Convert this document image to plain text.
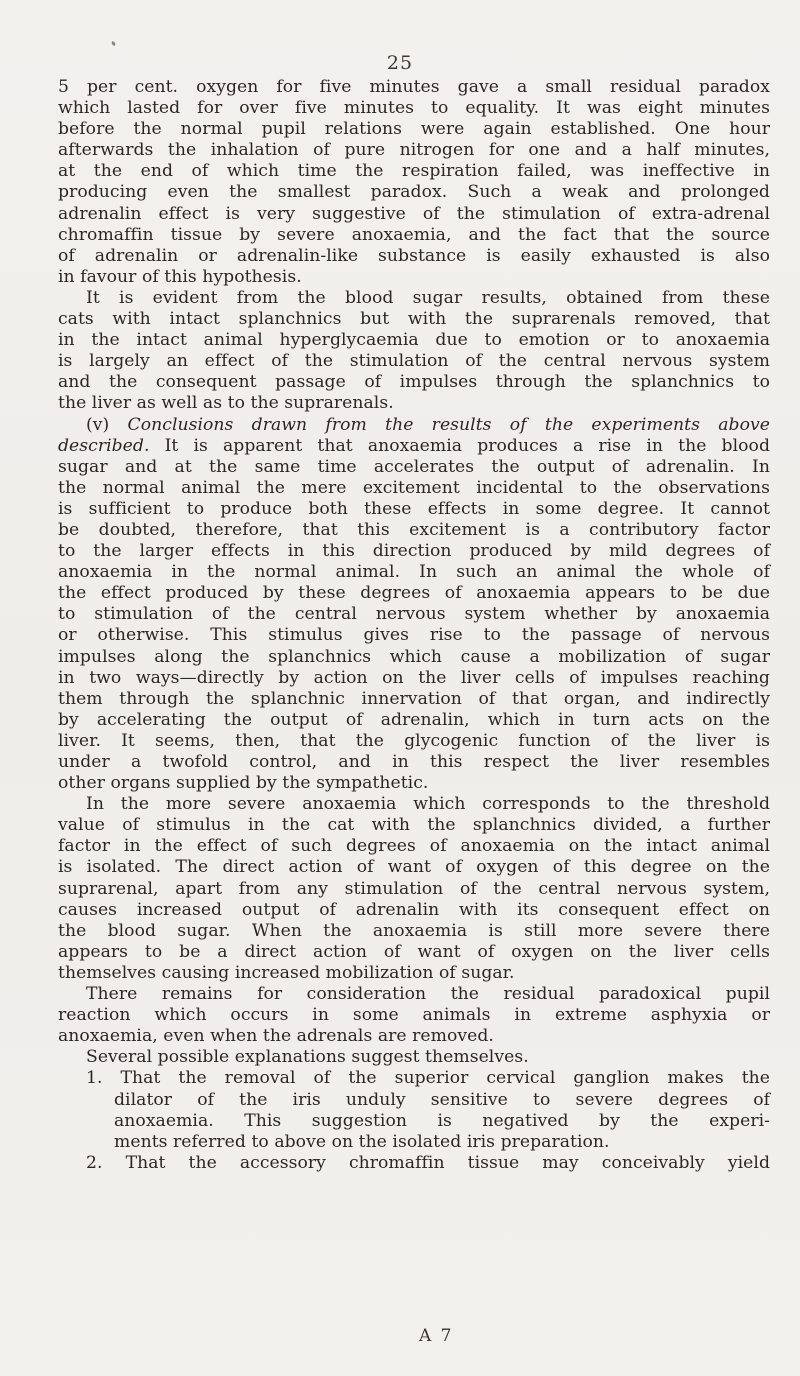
25

5 per cent. oxygen for five minutes gave a small residual paradox

which lasted for over five minutes to equality. It was eight minutes

before the normal pupil relations were again established. One hour

afterwards the inhalation of pure nitrogen for one and a half minutes,

at the end of which time the respiration failed, was ineffective in

producing even the smallest paradox. Such a weak and prolonged

adrenalin effect is very suggestive of the stimulation of extra-adrenal

chromaffin tissue by severe anoxaemia, and the fact that the source

of adrenalin or adrenalin-like substance is easily exhausted is also

in favour of this hypothesis.

It is evident from the blood sugar results, obtained from these

cats with intact splanchnics but with the suprarenals removed, that

in the intact animal hyperglycaemia due to emotion or to anoxaemia

is largely an effect of the stimulation of the central nervous system

and the consequent passage of impulses through the splanchnics to

the liver as well as to the suprarenals.

(v) Conclusions drawn from the results of the experiments above

described. It is apparent that anoxaemia produces a rise in the blood

sugar and at the same time accelerates the output of adrenalin. In

the normal animal the mere excitement incidental to the observations

is sufficient to produce both these effects in some degree. It cannot

be doubted, therefore, that this excitement is a contributory factor

to the larger effects in this direction produced by mild degrees of

anoxaemia in the normal animal. In such an animal the whole of

the effect produced by these degrees of anoxaemia appears to be due

to stimulation of the central nervous system whether by anoxaemia

or otherwise. This stimulus gives rise to the passage of nervous

impulses along the splanchnics which cause a mobilization of sugar

in two ways—directly by action on the liver cells of impulses reaching

them through the splanchnic innervation of that organ, and indirectly

by accelerating the output of adrenalin, which in turn acts on the

liver. It seems, then, that the glycogenic function of the liver is

under a twofold control, and in this respect the liver resembles

other organs supplied by the sympathetic.

In the more severe anoxaemia which corresponds to the threshold

value of stimulus in the cat with the splanchnics divided, a further

factor in the effect of such degrees of anoxaemia on the intact animal

is isolated. The direct action of want of oxygen of this degree on the

suprarenal, apart from any stimulation of the central nervous system,

causes increased output of adrenalin with its consequent effect on

the blood sugar. When the anoxaemia is still more severe there

appears to be a direct action of want of oxygen on the liver cells

themselves causing increased mobilization of sugar.

There remains for consideration the residual paradoxical pupil

reaction which occurs in some animals in extreme asphyxia or

anoxaemia, even when the adrenals are removed.

Several possible explanations suggest themselves.

1. That the removal of the superior cervical ganglion makes the

dilator of the iris unduly sensitive to severe degrees of

anoxaemia. This suggestion is negatived by the experi-

ments referred to above on the isolated iris preparation.

2. That the accessory chromaffin tissue may conceivably yield

A 7
